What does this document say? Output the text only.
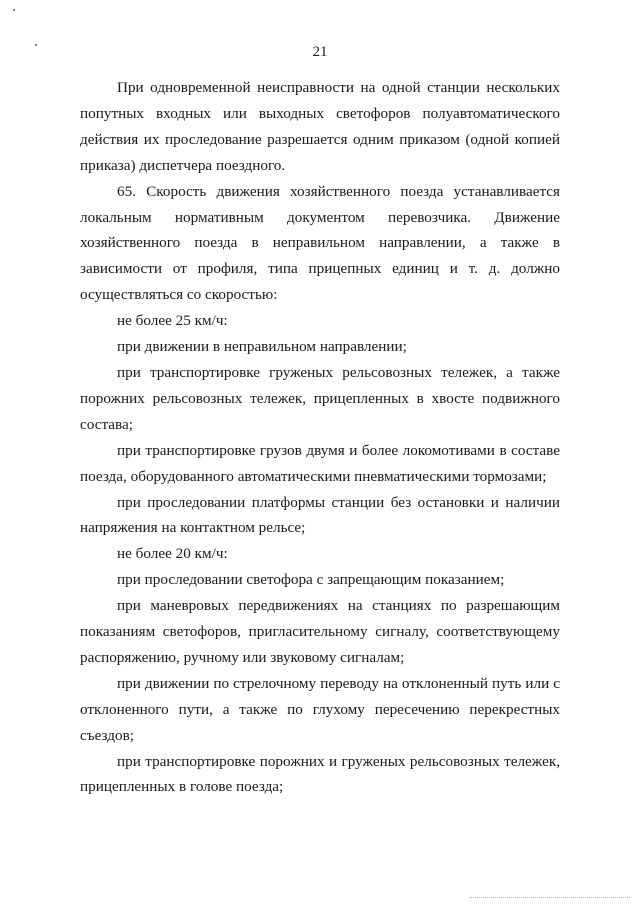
21

При одновременной неисправности на одной станции нескольких попутных входных или выходных светофоров полуавтоматического действия их проследование разрешается одним приказом (одной копией приказа) диспетчера поездного.

65. Скорость движения хозяйственного поезда устанавливается локальным нормативным документом перевозчика. Движение хозяйственного поезда в неправильном направлении, а также в зависимости от профиля, типа прицепных единиц и т. д. должно осуществляться со скоростью:

не более 25 км/ч:

при движении в неправильном направлении;

при транспортировке груженых рельсовозных тележек, а также порожних рельсовозных тележек, прицепленных в хвосте подвижного состава;

при транспортировке грузов двумя и более локомотивами в составе поезда, оборудованного автоматическими пневматическими тормозами;

при проследовании платформы станции без остановки и наличии напряжения на контактном рельсе;

не более 20 км/ч:

при проследовании светофора с запрещающим показанием;

при маневровых передвижениях на станциях по разрешающим показаниям светофоров, пригласительному сигналу, соответствующему распоряжению, ручному или звуковому сигналам;

при движении по стрелочному переводу на отклоненный путь или с отклоненного пути, а также по глухому пересечению перекрестных съездов;

при транспортировке порожних и груженых рельсовозных тележек, прицепленных в голове поезда;
